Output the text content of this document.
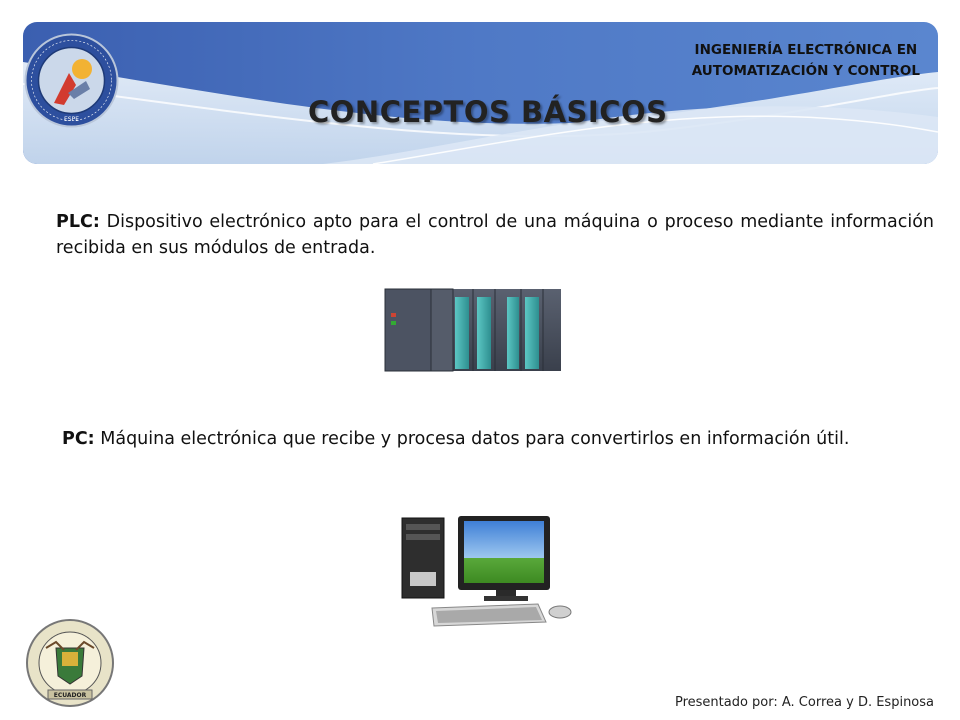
ESPE
INGENIERÍA ELECTRÓNICA EN
AUTOMATIZACIÓN Y CONTROL
CONCEPTOS BÁSICOS
PLC: Dispositivo electrónico apto para el control de una máquina o proceso mediante información recibida en sus módulos de entrada.
PC: Máquina electrónica que recibe y procesa datos para convertirlos en información útil.
ECUADOR	Presentado por: A. Correa y D. Espinosa
